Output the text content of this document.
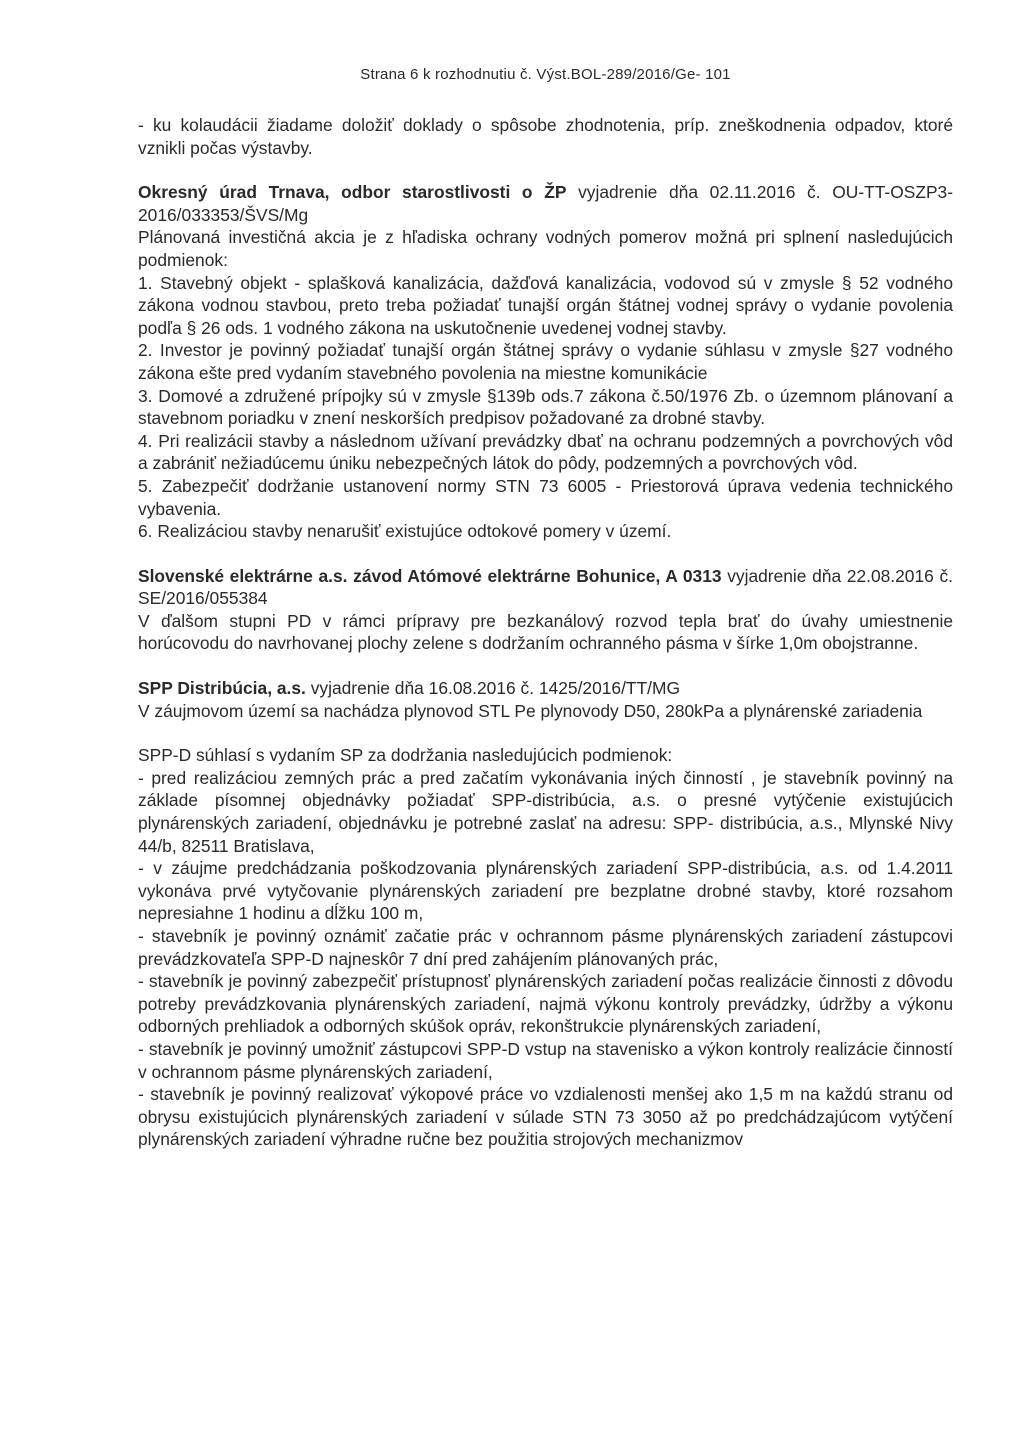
Strana 6 k rozhodnutiu č. Výst.BOL-289/2016/Ge- 101

- ku kolaudácii žiadame doložiť doklady o spôsobe zhodnotenia, príp. zneškodnenia odpadov, ktoré vznikli počas výstavby.

Okresný úrad Trnava, odbor starostlivosti o ŽP vyjadrenie dňa 02.11.2016 č. OU-TT-OSZP3-2016/033353/ŠVS/Mg

Plánovaná investičná akcia je z hľadiska ochrany vodných pomerov možná pri splnení nasledujúcich podmienok:

1. Stavebný objekt - splašková kanalizácia, dažďová kanalizácia, vodovod sú v zmysle § 52 vodného zákona vodnou stavbou, preto treba požiadať tunajší orgán štátnej vodnej správy o vydanie povolenia podľa § 26 ods. 1 vodného zákona na uskutočnenie uvedenej vodnej stavby.

2. Investor je povinný požiadať tunajší orgán štátnej správy o vydanie súhlasu v zmysle §27 vodného zákona ešte pred vydaním stavebného povolenia na miestne komunikácie

3. Domové a združené prípojky sú v zmysle §139b ods.7 zákona č.50/1976 Zb. o územnom plánovaní a stavebnom poriadku v znení neskorších predpisov požadované za drobné stavby.

4. Pri realizácii stavby a následnom užívaní prevádzky dbať na ochranu podzemných a povrchových vôd a zabrániť nežiadúcemu úniku nebezpečných látok do pôdy, podzemných a povrchových vôd.

5. Zabezpečiť dodržanie ustanovení normy STN 73 6005 - Priestorová úprava vedenia technického vybavenia.

6. Realizáciou stavby nenarušiť existujúce odtokové pomery v území.

Slovenské elektrárne a.s. závod Atómové elektrárne Bohunice, A 0313 vyjadrenie dňa 22.08.2016 č. SE/2016/055384

V ďalšom stupni PD v rámci prípravy pre bezkanálový rozvod tepla brať do úvahy umiestnenie horúcovodu do navrhovanej plochy zelene s dodržaním ochranného pásma v šírke 1,0m obojstranne.

SPP Distribúcia, a.s. vyjadrenie dňa 16.08.2016 č. 1425/2016/TT/MG

V záujmovom území sa nachádza plynovod STL Pe plynovody D50, 280kPa a plynárenské zariadenia

SPP-D súhlasí s vydaním SP za dodržania nasledujúcich podmienok:

- pred realizáciou zemných prác a pred začatím vykonávania iných činností , je stavebník povinný na základe písomnej objednávky požiadať SPP-distribúcia, a.s. o presné vytýčenie existujúcich plynárenských zariadení, objednávku je potrebné zaslať na adresu: SPP- distribúcia, a.s., Mlynské Nivy 44/b, 82511 Bratislava,

- v záujme predchádzania poškodzovania plynárenských zariadení SPP-distribúcia, a.s. od 1.4.2011 vykonáva prvé vytyčovanie plynárenských zariadení pre bezplatne drobné stavby, ktoré rozsahom nepresiahne 1 hodinu a dĺžku 100 m,

- stavebník je povinný oznámiť začatie prác v ochrannom pásme plynárenských zariadení zástupcovi prevádzkovateľa SPP-D najneskôr 7 dní pred zahájením plánovaných prác,

- stavebník je povinný zabezpečiť prístupnosť plynárenských zariadení počas realizácie činnosti z dôvodu potreby prevádzkovania plynárenských zariadení, najmä výkonu kontroly prevádzky, údržby a výkonu odborných prehliadok a odborných skúšok opráv, rekonštrukcie plynárenských zariadení,

- stavebník je povinný umožniť zástupcovi SPP-D vstup na stavenisko a výkon kontroly realizácie činností v ochrannom pásme plynárenských zariadení,

- stavebník je povinný realizovať výkopové práce vo vzdialenosti menšej ako 1,5 m na každú stranu od obrysu existujúcich plynárenských zariadení v súlade STN 73 3050 až po predchádzajúcom vytýčení plynárenských zariadení výhradne ručne bez použitia strojových mechanizmov
